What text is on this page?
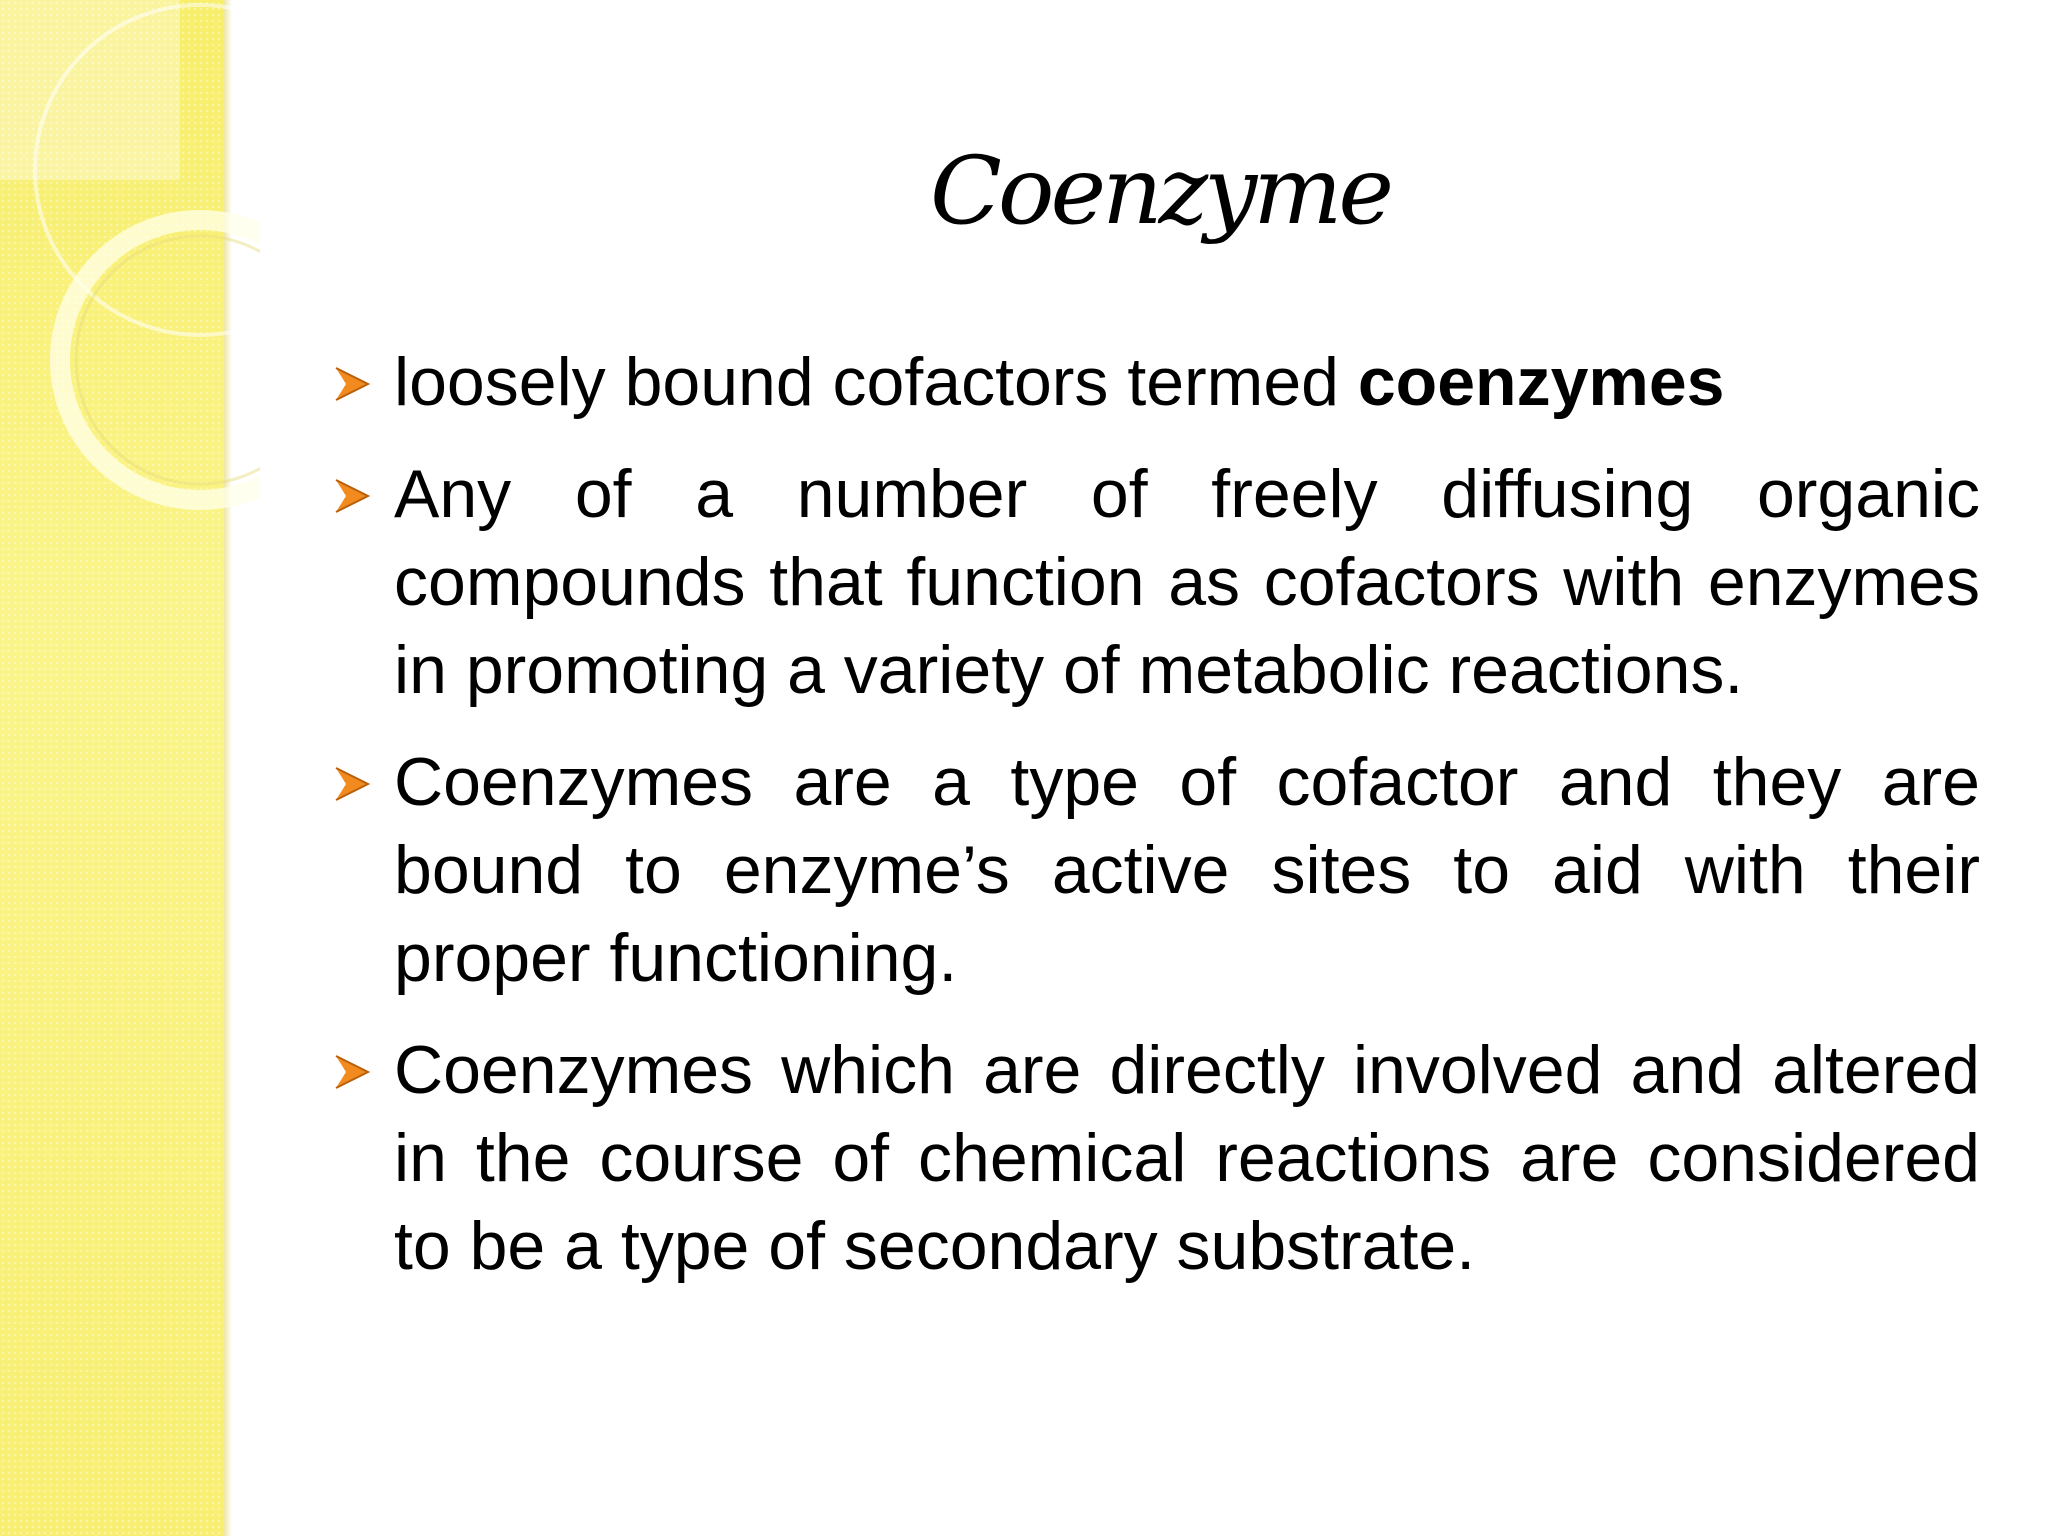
Coenzyme
loosely bound cofactors termed coenzymes
Any of a number of freely diffusing organic compounds that function as cofactors with enzymes in promoting a variety of metabolic reactions.
Coenzymes are a type of cofactor and they are bound to enzyme’s active sites to aid with their proper functioning.
Coenzymes which are directly involved and altered in the course of chemical reactions are considered to be a type of secondary substrate.
